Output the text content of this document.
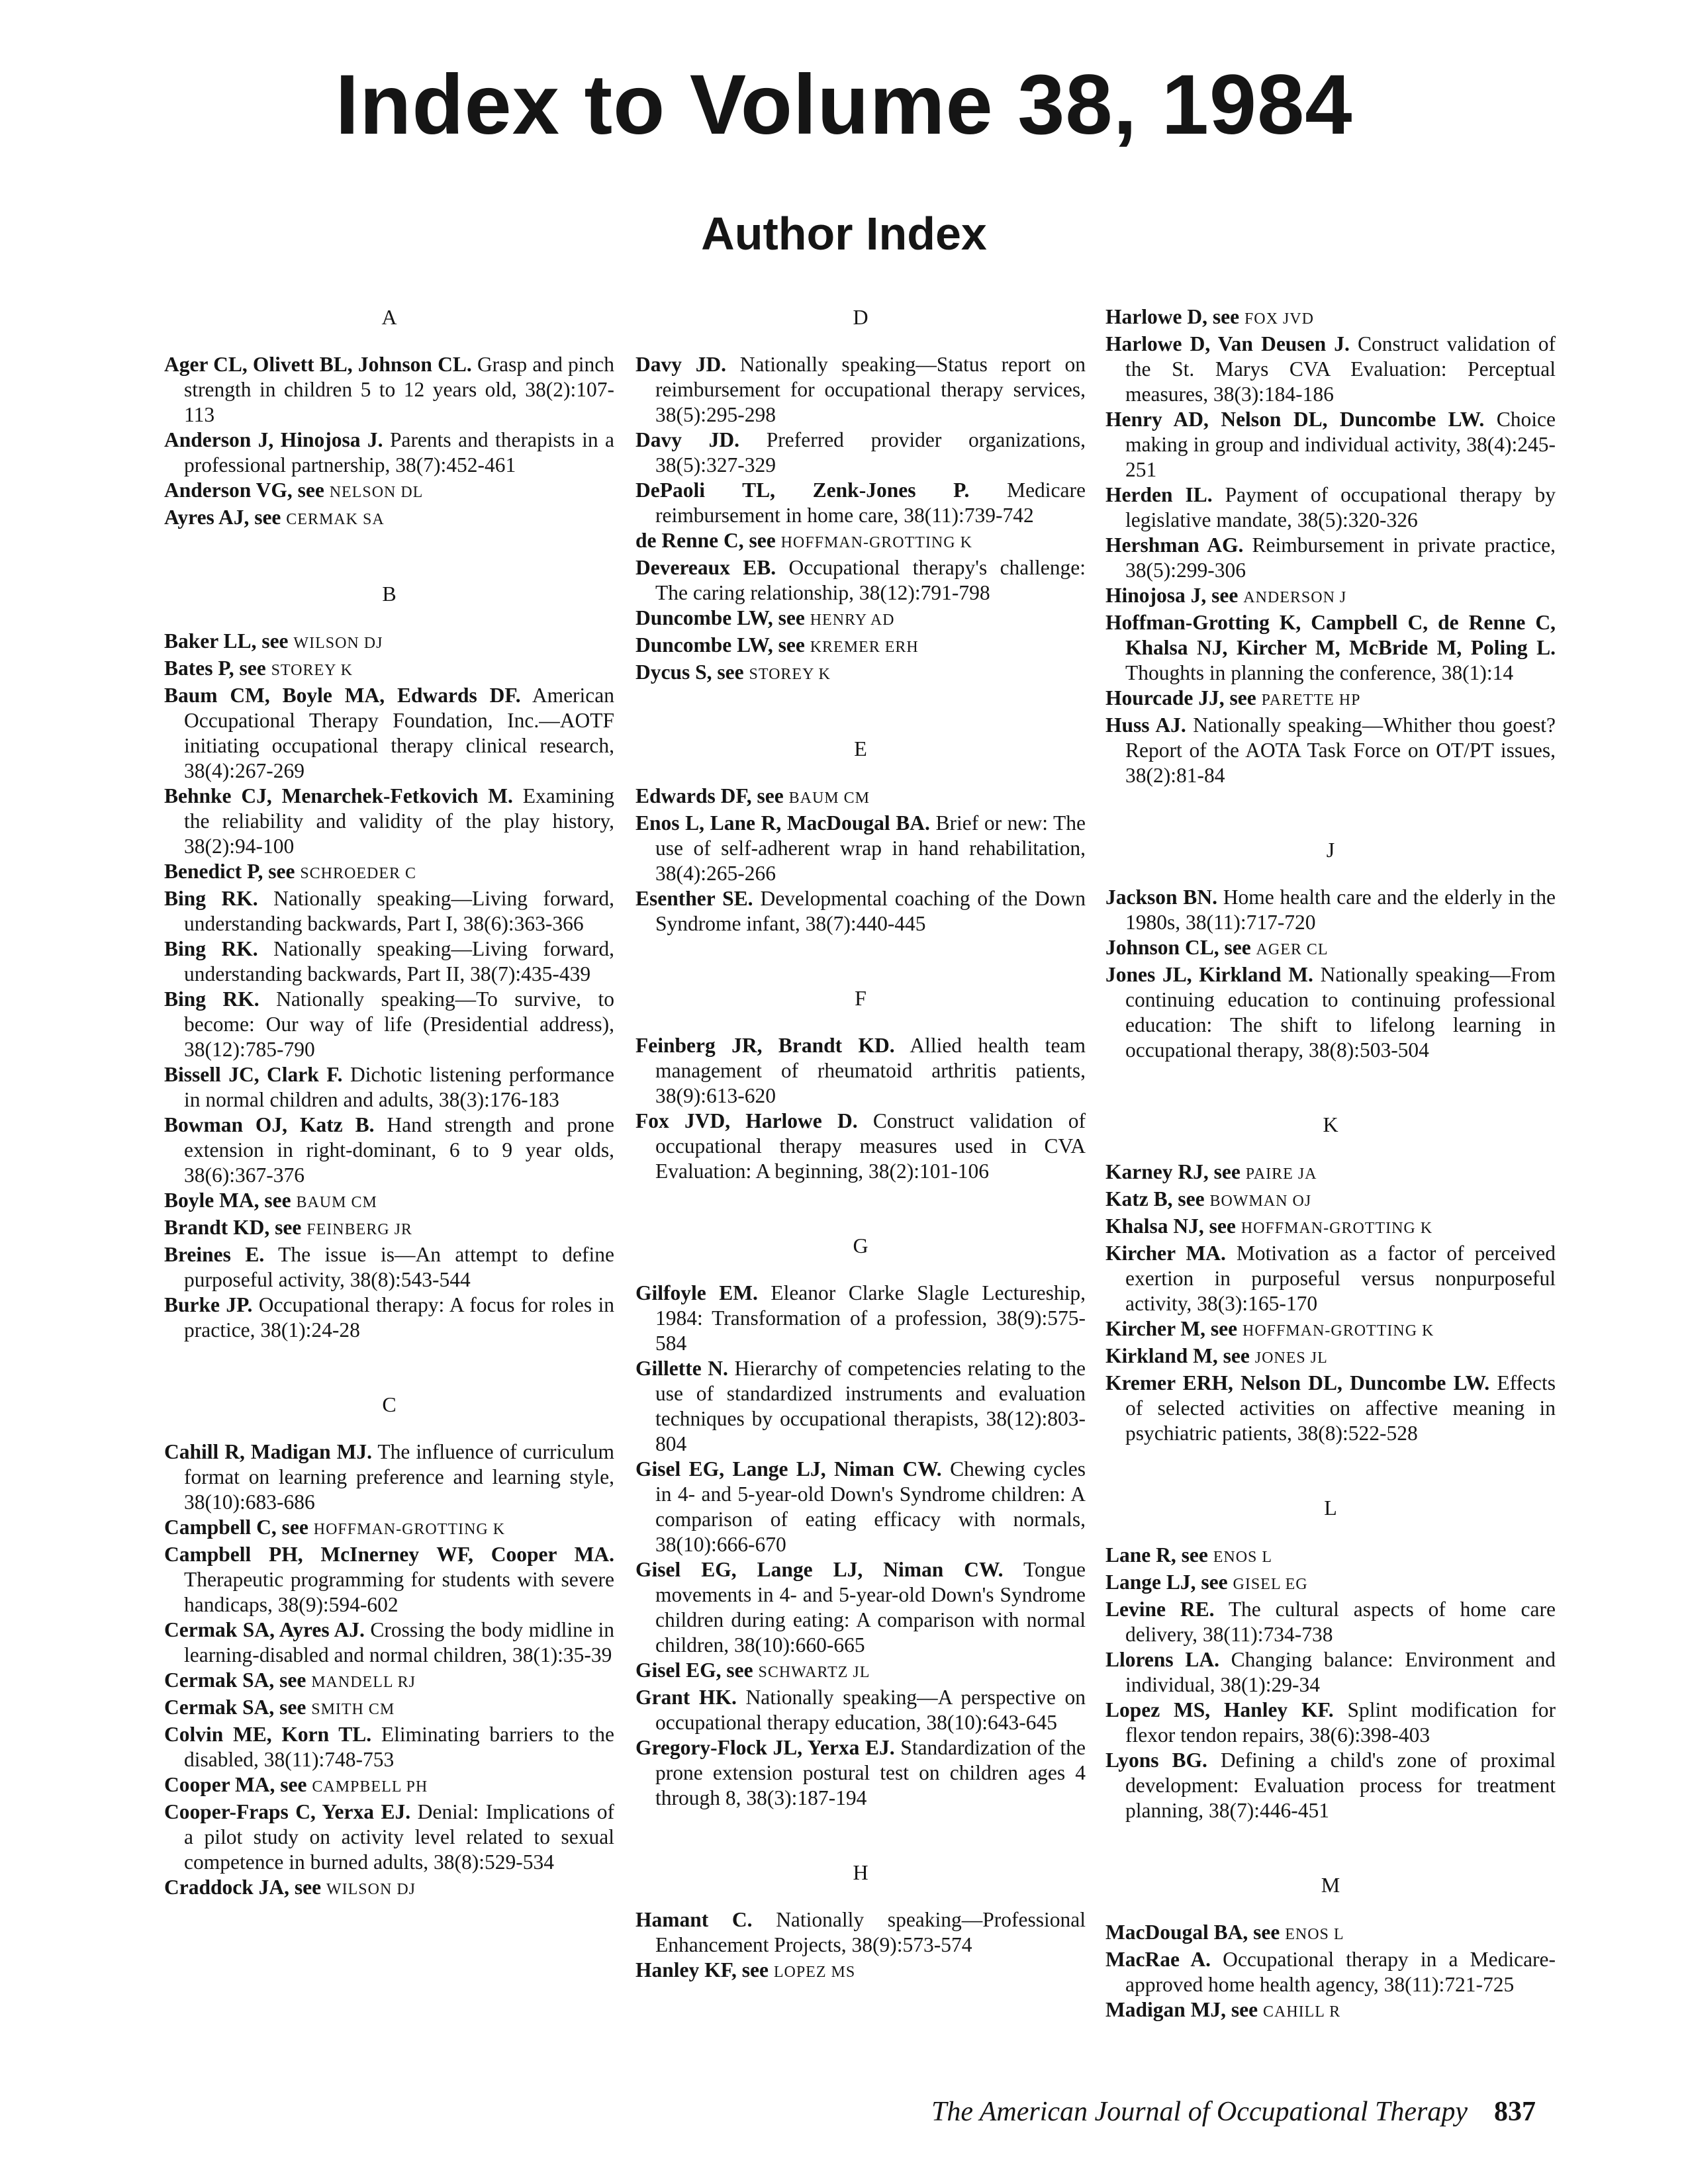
Index to Volume 38, 1984
Author Index
A

Ager CL, Olivett BL, Johnson CL. Grasp and pinch strength in children 5 to 12 years old, 38(2):107-113

Anderson J, Hinojosa J. Parents and therapists in a professional partnership, 38(7):452-461

Anderson VG, see NELSON DL

Ayres AJ, see CERMAK SA

B

Baker LL, see WILSON DJ

Bates P, see STOREY K

Baum CM, Boyle MA, Edwards DF. American Occupational Therapy Foundation, Inc.—AOTF initiating occupational therapy clinical research, 38(4):267-269

Behnke CJ, Menarchek-Fetkovich M. Examining the reliability and validity of the play history, 38(2):94-100

Benedict P, see SCHROEDER C

Bing RK. Nationally speaking—Living forward, understanding backwards, Part I, 38(6):363-366

Bing RK. Nationally speaking—Living forward, understanding backwards, Part II, 38(7):435-439

Bing RK. Nationally speaking—To survive, to become: Our way of life (Presidential address), 38(12):785-790

Bissell JC, Clark F. Dichotic listening performance in normal children and adults, 38(3):176-183

Bowman OJ, Katz B. Hand strength and prone extension in right-dominant, 6 to 9 year olds, 38(6):367-376

Boyle MA, see BAUM CM

Brandt KD, see FEINBERG JR

Breines E. The issue is—An attempt to define purposeful activity, 38(8):543-544

Burke JP. Occupational therapy: A focus for roles in practice, 38(1):24-28

C

Cahill R, Madigan MJ. The influence of curriculum format on learning preference and learning style, 38(10):683-686

Campbell C, see HOFFMAN-GROTTING K

Campbell PH, McInerney WF, Cooper MA. Therapeutic programming for students with severe handicaps, 38(9):594-602

Cermak SA, Ayres AJ. Crossing the body midline in learning-disabled and normal children, 38(1):35-39

Cermak SA, see MANDELL RJ

Cermak SA, see SMITH CM

Colvin ME, Korn TL. Eliminating barriers to the disabled, 38(11):748-753

Cooper MA, see CAMPBELL PH

Cooper-Fraps C, Yerxa EJ. Denial: Implications of a pilot study on activity level related to sexual competence in burned adults, 38(8):529-534

Craddock JA, see WILSON DJ

D

Davy JD. Nationally speaking—Status report on reimbursement for occupational therapy services, 38(5):295-298

Davy JD. Preferred provider organizations, 38(5):327-329

DePaoli TL, Zenk-Jones P. Medicare reimbursement in home care, 38(11):739-742

de Renne C, see HOFFMAN-GROTTING K

Devereaux EB. Occupational therapy's challenge: The caring relationship, 38(12):791-798

Duncombe LW, see HENRY AD

Duncombe LW, see KREMER ERH

Dycus S, see STOREY K

E

Edwards DF, see BAUM CM

Enos L, Lane R, MacDougal BA. Brief or new: The use of self-adherent wrap in hand rehabilitation, 38(4):265-266

Esenther SE. Developmental coaching of the Down Syndrome infant, 38(7):440-445

F

Feinberg JR, Brandt KD. Allied health team management of rheumatoid arthritis patients, 38(9):613-620

Fox JVD, Harlowe D. Construct validation of occupational therapy measures used in CVA Evaluation: A beginning, 38(2):101-106

G

Gilfoyle EM. Eleanor Clarke Slagle Lectureship, 1984: Transformation of a profession, 38(9):575-584

Gillette N. Hierarchy of competencies relating to the use of standardized instruments and evaluation techniques by occupational therapists, 38(12):803-804

Gisel EG, Lange LJ, Niman CW. Chewing cycles in 4- and 5-year-old Down's Syndrome children: A comparison of eating efficacy with normals, 38(10):666-670

Gisel EG, Lange LJ, Niman CW. Tongue movements in 4- and 5-year-old Down's Syndrome children during eating: A comparison with normal children, 38(10):660-665

Gisel EG, see SCHWARTZ JL

Grant HK. Nationally speaking—A perspective on occupational therapy education, 38(10):643-645

Gregory-Flock JL, Yerxa EJ. Standardization of the prone extension postural test on children ages 4 through 8, 38(3):187-194

H

Hamant C. Nationally speaking—Professional Enhancement Projects, 38(9):573-574

Hanley KF, see LOPEZ MS

Harlowe D, see FOX JVD

Harlowe D, Van Deusen J. Construct validation of the St. Marys CVA Evaluation: Perceptual measures, 38(3):184-186

Henry AD, Nelson DL, Duncombe LW. Choice making in group and individual activity, 38(4):245-251

Herden IL. Payment of occupational therapy by legislative mandate, 38(5):320-326

Hershman AG. Reimbursement in private practice, 38(5):299-306

Hinojosa J, see ANDERSON J

Hoffman-Grotting K, Campbell C, de Renne C, Khalsa NJ, Kircher M, McBride M, Poling L. Thoughts in planning the conference, 38(1):14

Hourcade JJ, see PARETTE HP

Huss AJ. Nationally speaking—Whither thou goest? Report of the AOTA Task Force on OT/PT issues, 38(2):81-84

J

Jackson BN. Home health care and the elderly in the 1980s, 38(11):717-720

Johnson CL, see AGER CL

Jones JL, Kirkland M. Nationally speaking—From continuing education to continuing professional education: The shift to lifelong learning in occupational therapy, 38(8):503-504

K

Karney RJ, see PAIRE JA

Katz B, see BOWMAN OJ

Khalsa NJ, see HOFFMAN-GROTTING K

Kircher MA. Motivation as a factor of perceived exertion in purposeful versus nonpurposeful activity, 38(3):165-170

Kircher M, see HOFFMAN-GROTTING K

Kirkland M, see JONES JL

Kremer ERH, Nelson DL, Duncombe LW. Effects of selected activities on affective meaning in psychiatric patients, 38(8):522-528

L

Lane R, see ENOS L

Lange LJ, see GISEL EG

Levine RE. The cultural aspects of home care delivery, 38(11):734-738

Llorens LA. Changing balance: Environment and individual, 38(1):29-34

Lopez MS, Hanley KF. Splint modification for flexor tendon repairs, 38(6):398-403

Lyons BG. Defining a child's zone of proximal development: Evaluation process for treatment planning, 38(7):446-451

M

MacDougal BA, see ENOS L

MacRae A. Occupational therapy in a Medicare-approved home health agency, 38(11):721-725

Madigan MJ, see CAHILL R

The American Journal of Occupational Therapy 837
